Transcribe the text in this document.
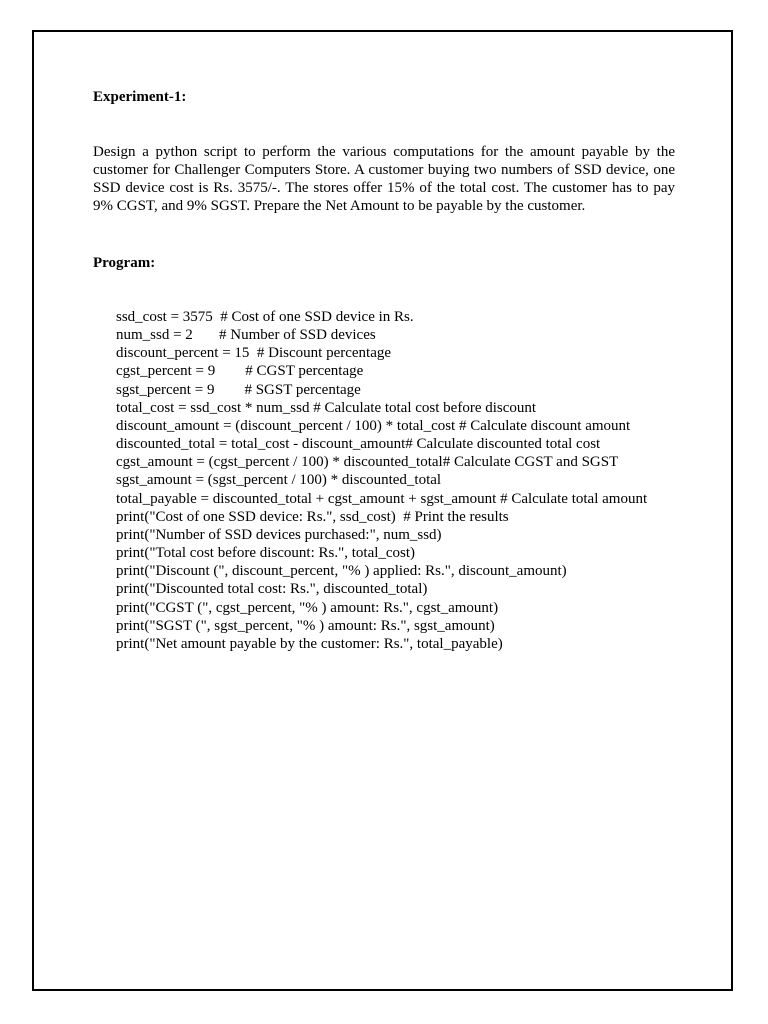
Experiment-1:
Design a python script to perform the various computations for the amount payable by the
customer for Challenger Computers Store. A customer buying two numbers of SSD device, one
SSD device cost is Rs. 3575/-. The stores offer 15% of the total cost. The customer has to pay
9% CGST, and 9% SGST. Prepare the Net Amount to be payable by the customer.
Program:
ssd_cost = 3575  # Cost of one SSD device in Rs.
num_ssd = 2       # Number of SSD devices
discount_percent = 15  # Discount percentage
cgst_percent = 9        # CGST percentage
sgst_percent = 9        # SGST percentage
total_cost = ssd_cost * num_ssd # Calculate total cost before discount
discount_amount = (discount_percent / 100) * total_cost # Calculate discount amount
discounted_total = total_cost - discount_amount# Calculate discounted total cost
cgst_amount = (cgst_percent / 100) * discounted_total# Calculate CGST and SGST
sgst_amount = (sgst_percent / 100) * discounted_total
total_payable = discounted_total + cgst_amount + sgst_amount # Calculate total amount
print("Cost of one SSD device: Rs.", ssd_cost)  # Print the results
print("Number of SSD devices purchased:", num_ssd)
print("Total cost before discount: Rs.", total_cost)
print("Discount (", discount_percent, "% ) applied: Rs.", discount_amount)
print("Discounted total cost: Rs.", discounted_total)
print("CGST (", cgst_percent, "% ) amount: Rs.", cgst_amount)
print("SGST (", sgst_percent, "% ) amount: Rs.", sgst_amount)
print("Net amount payable by the customer: Rs.", total_payable)
